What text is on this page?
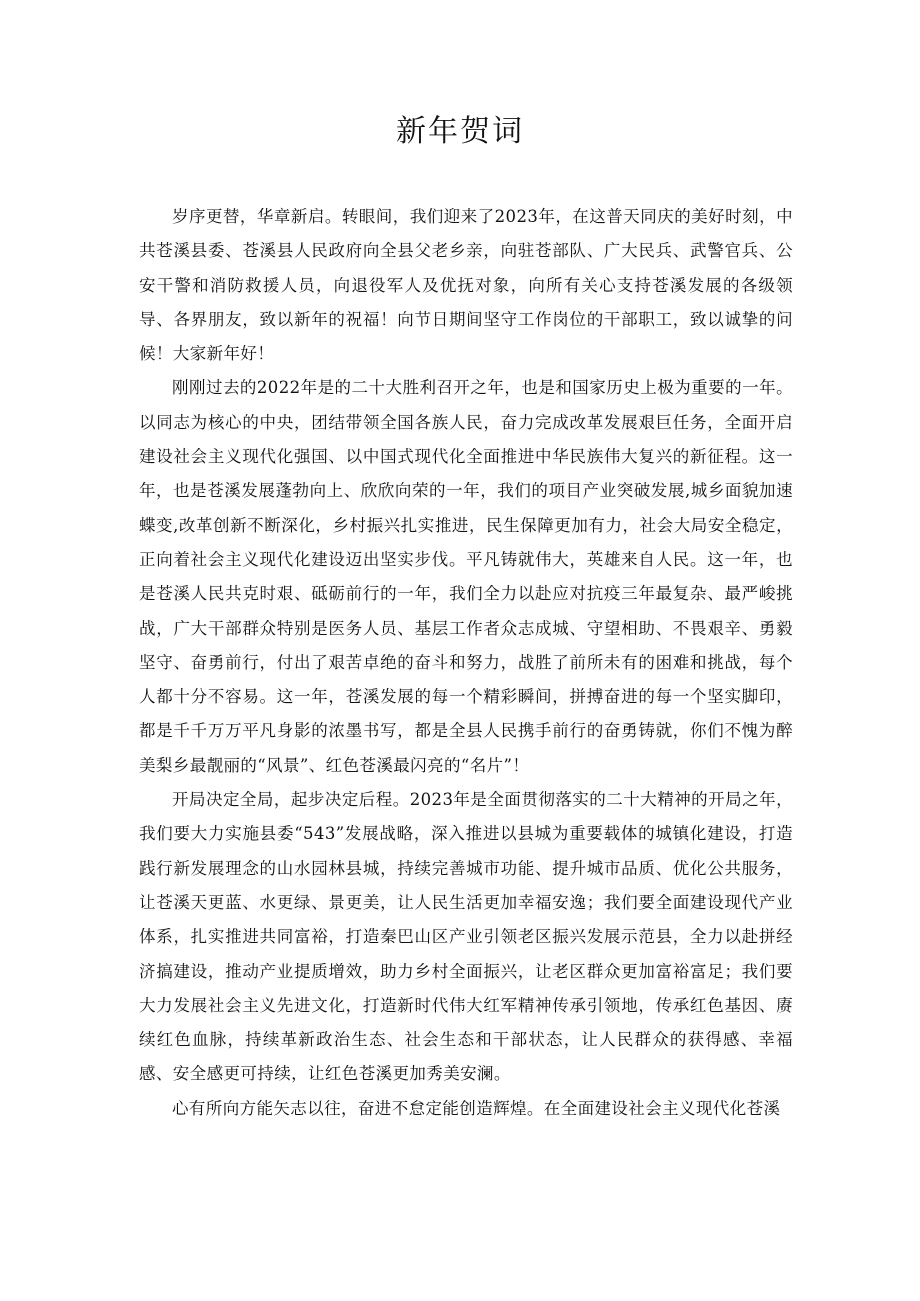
新年贺词

岁序更替，华章新启。转眼间，我们迎来了2023年，在这普天同庆的美好时刻，中共苍溪县委、苍溪县人民政府向全县父老乡亲，向驻苍部队、广大民兵、武警官兵、公安干警和消防救援人员，向退役军人及优抚对象，向所有关心支持苍溪发展的各级领导、各界朋友，致以新年的祝福！向节日期间坚守工作岗位的干部职工，致以诚挚的问候！大家新年好！

刚刚过去的2022年是的二十大胜利召开之年，也是和国家历史上极为重要的一年。以同志为核心的中央，团结带领全国各族人民，奋力完成改革发展艰巨任务，全面开启建设社会主义现代化强国、以中国式现代化全面推进中华民族伟大复兴的新征程。这一年，也是苍溪发展蓬勃向上、欣欣向荣的一年，我们的项目产业突破发展,城乡面貌加速蝶变,改革创新不断深化，乡村振兴扎实推进，民生保障更加有力，社会大局安全稳定，正向着社会主义现代化建设迈出坚实步伐。平凡铸就伟大，英雄来自人民。这一年，也是苍溪人民共克时艰、砥砺前行的一年，我们全力以赴应对抗疫三年最复杂、最严峻挑战，广大干部群众特别是医务人员、基层工作者众志成城、守望相助、不畏艰辛、勇毅坚守、奋勇前行，付出了艰苦卓绝的奋斗和努力，战胜了前所未有的困难和挑战，每个人都十分不容易。这一年，苍溪发展的每一个精彩瞬间，拼搏奋进的每一个坚实脚印，都是千千万万平凡身影的浓墨书写，都是全县人民携手前行的奋勇铸就，你们不愧为醉美梨乡最靓丽的“风景”、红色苍溪最闪亮的“名片”！

开局决定全局，起步决定后程。2023年是全面贯彻落实的二十大精神的开局之年，我们要大力实施县委“543”发展战略，深入推进以县城为重要载体的城镇化建设，打造践行新发展理念的山水园林县城，持续完善城市功能、提升城市品质、优化公共服务，让苍溪天更蓝、水更绿、景更美，让人民生活更加幸福安逸；我们要全面建设现代产业体系，扎实推进共同富裕，打造秦巴山区产业引领老区振兴发展示范县，全力以赴拼经济搞建设，推动产业提质增效，助力乡村全面振兴，让老区群众更加富裕富足；我们要大力发展社会主义先进文化，打造新时代伟大红军精神传承引领地，传承红色基因、赓续红色血脉，持续革新政治生态、社会生态和干部状态，让人民群众的获得感、幸福感、安全感更可持续，让红色苍溪更加秀美安澜。

心有所向方能矢志以往，奋进不怠定能创造辉煌。在全面建设社会主义现代化苍溪
